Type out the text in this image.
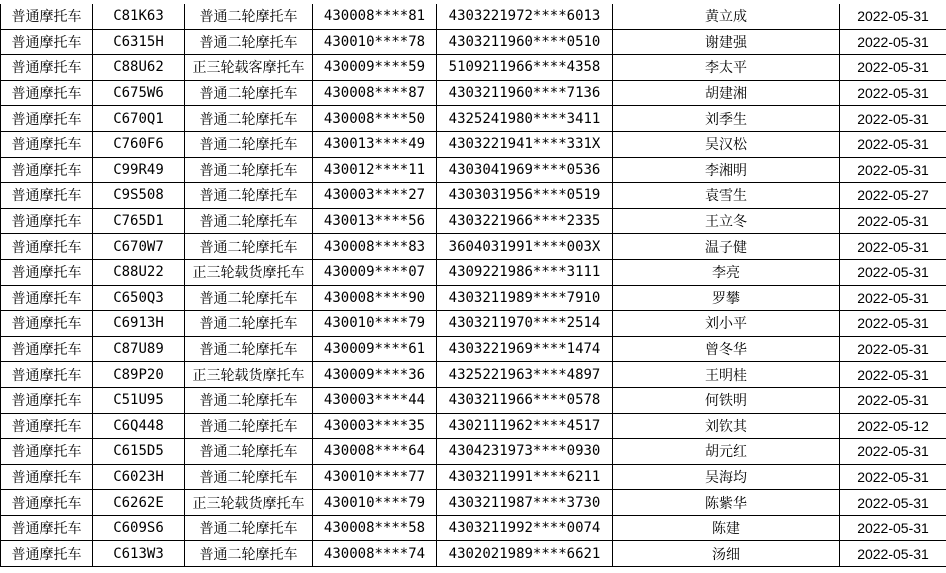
普通摩托车	C81K63	普通二轮摩托车	430008****81	4303221972****6013	黄立成	2022-05-31
普通摩托车	C6315H	普通二轮摩托车	430010****78	4303211960****0510	谢建强	2022-05-31
普通摩托车	C88U62	正三轮载客摩托车	430009****59	5109211966****4358	李太平	2022-05-31
普通摩托车	C675W6	普通二轮摩托车	430008****87	4303211960****7136	胡建湘	2022-05-31
普通摩托车	C670Q1	普通二轮摩托车	430008****50	4325241980****3411	刘季生	2022-05-31
普通摩托车	C760F6	普通二轮摩托车	430013****49	4303221941****331X	吴汉松	2022-05-31
普通摩托车	C99R49	普通二轮摩托车	430012****11	4303041969****0536	李湘明	2022-05-31
普通摩托车	C9S508	普通二轮摩托车	430003****27	4303031956****0519	袁雪生	2022-05-27
普通摩托车	C765D1	普通二轮摩托车	430013****56	4303221966****2335	王立冬	2022-05-31
普通摩托车	C670W7	普通二轮摩托车	430008****83	3604031991****003X	温子健	2022-05-31
普通摩托车	C88U22	正三轮载货摩托车	430009****07	4309221986****3111	李亮	2022-05-31
普通摩托车	C650Q3	普通二轮摩托车	430008****90	4303211989****7910	罗攀	2022-05-31
普通摩托车	C6913H	普通二轮摩托车	430010****79	4303211970****2514	刘小平	2022-05-31
普通摩托车	C87U89	普通二轮摩托车	430009****61	4303221969****1474	曾冬华	2022-05-31
普通摩托车	C89P20	正三轮载货摩托车	430009****36	4325221963****4897	王明桂	2022-05-31
普通摩托车	C51U95	普通二轮摩托车	430003****44	4303211966****0578	何铁明	2022-05-31
普通摩托车	C6Q448	普通二轮摩托车	430003****35	4302111962****4517	刘钦其	2022-05-12
普通摩托车	C615D5	普通二轮摩托车	430008****64	4304231973****0930	胡元红	2022-05-31
普通摩托车	C6023H	普通二轮摩托车	430010****77	4303211991****6211	吴海均	2022-05-31
普通摩托车	C6262E	正三轮载货摩托车	430010****79	4303211987****3730	陈紫华	2022-05-31
普通摩托车	C609S6	普通二轮摩托车	430008****58	4303211992****0074	陈建	2022-05-31
普通摩托车	C613W3	普通二轮摩托车	430008****74	4302021989****6621	汤细	2022-05-31
